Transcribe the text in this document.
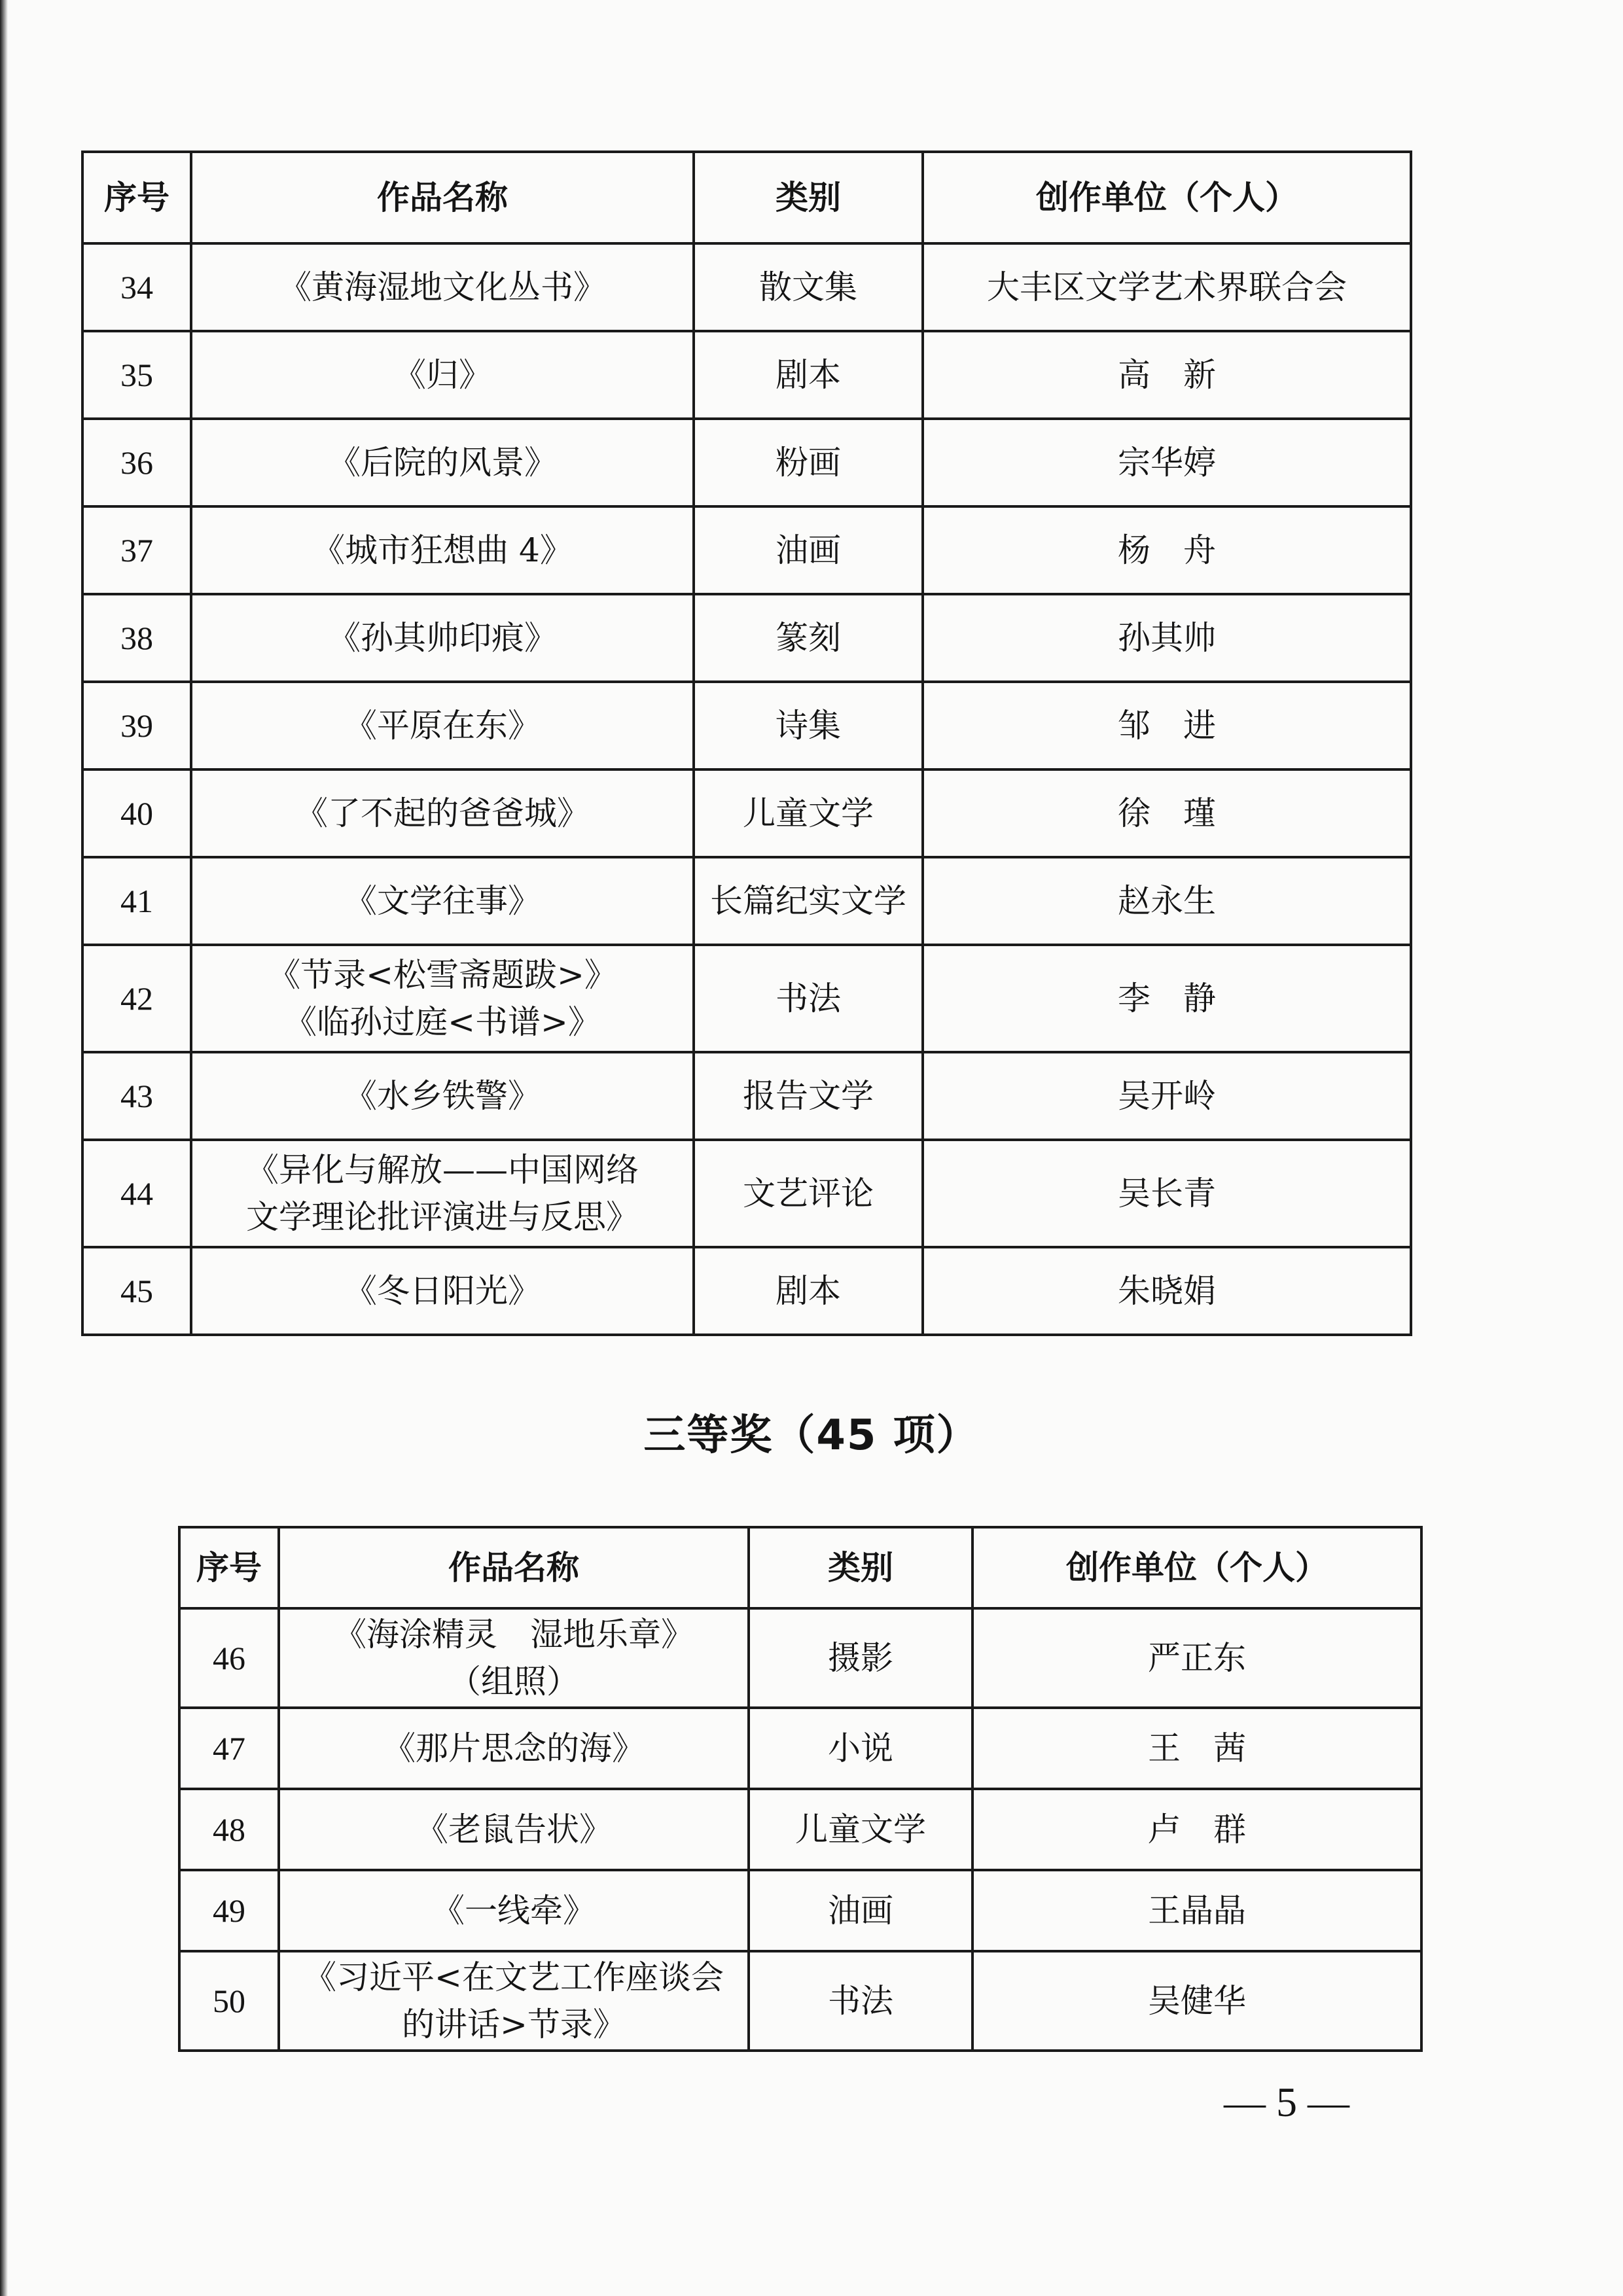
序号	作品名称	类别	创作单位（个人）
34	《黄海湿地文化丛书》	散文集	大丰区文学艺术界联合会
35	《归》	剧本	高　新
36	《后院的风景》	粉画	宗华婷
37	《城市狂想曲 4》	油画	杨　舟
38	《孙其帅印痕》	篆刻	孙其帅
39	《平原在东》	诗集	邹　进
40	《了不起的爸爸城》	儿童文学	徐　瑾
41	《文学往事》	长篇纪实文学	赵永生
42	《节录<松雪斋题跋>》
《临孙过庭<书谱>》	书法	李　静
43	《水乡铁警》	报告文学	吴开岭
44	《异化与解放——中国网络
文学理论批评演进与反思》	文艺评论	吴长青
45	《冬日阳光》	剧本	朱晓娟
三等奖（45 项）
序号	作品名称	类别	创作单位（个人）
46	《海涂精灵　湿地乐章》
（组照）	摄影	严正东
47	《那片思念的海》	小说	王　茜
48	《老鼠告状》	儿童文学	卢　群
49	《一线牵》	油画	王晶晶
50	《习近平<在文艺工作座谈会
的讲话>节录》	书法	吴健华
— 5 —
